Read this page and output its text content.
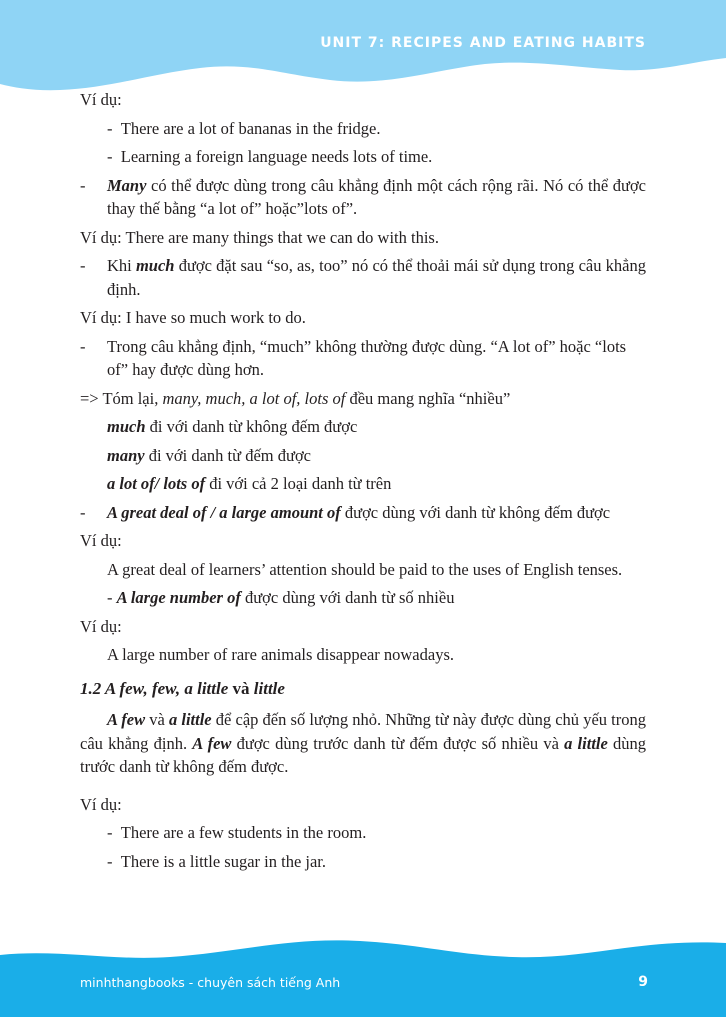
UNIT 7: RECIPES AND EATING HABITS

Ví dụ:

- There are a lot of bananas in the fridge.

- Learning a foreign language needs lots of time.

- Many có thể được dùng trong câu khẳng định một cách rộng rãi. Nó có thể được thay thế bằng “a lot of” hoặc”lots of”.

Ví dụ: There are many things that we can do with this.

- Khi much được đặt sau “so, as, too” nó có thể thoải mái sử dụng trong câu khẳng định.

Ví dụ: I have so much work to do.

- Trong câu khẳng định, “much” không thường được dùng. “A lot of” hoặc “lots of” hay được dùng hơn.

=> Tóm lại, many, much, a lot of, lots of đều mang nghĩa “nhiều”

much đi với danh từ không đếm được

many đi với danh từ đếm được

a lot of/ lots of đi với cả 2 loại danh từ trên

- A great deal of / a large amount of được dùng với danh từ không đếm được

Ví dụ:

A great deal of learners’ attention should be paid to the uses of English tenses.

- A large number of được dùng với danh từ số nhiều

Ví dụ:

A large number of rare animals disappear nowadays.

1.2 A few, few, a little và little

A few và a little để cập đến số lượng nhỏ. Những từ này được dùng chủ yếu trong câu khẳng định. A few được dùng trước danh từ đếm được số nhiều và a little dùng trước danh từ không đếm được.

Ví dụ:

- There are a few students in the room.

- There is a little sugar in the jar.

minhthangbooks - chuyên sách tiếng Anh	9
